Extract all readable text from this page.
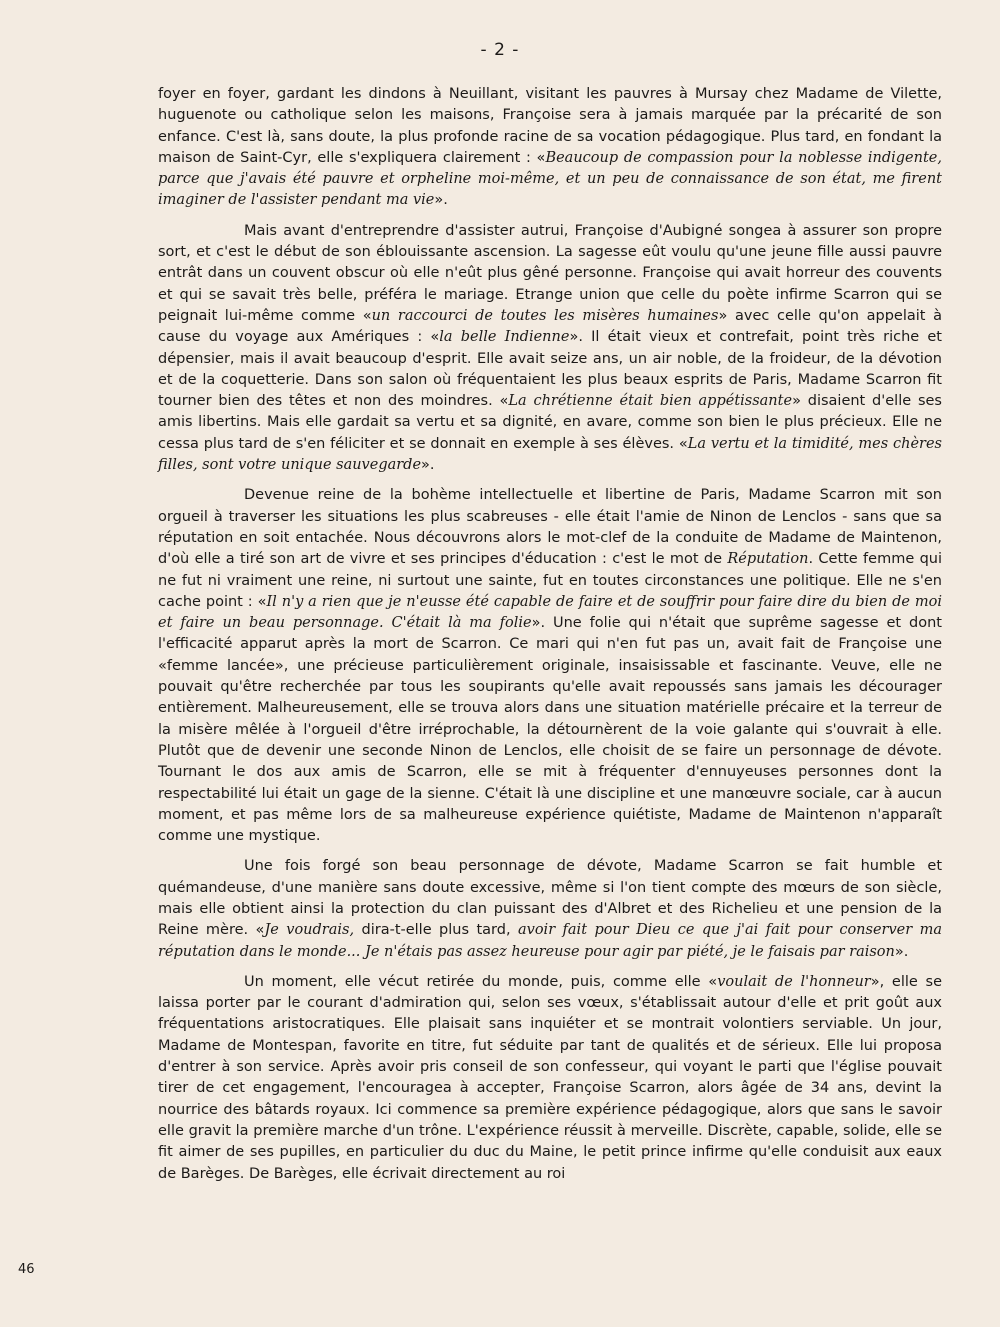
- 2 -

foyer en foyer, gardant les dindons à Neuillant, visitant les pauvres à Mursay chez Madame de Vilette, huguenote ou catholique selon les maisons, Françoise sera à jamais marquée par la précarité de son enfance. C'est là, sans doute, la plus profonde racine de sa vocation pédagogique. Plus tard, en fondant la maison de Saint-Cyr, elle s'expliquera clairement : «Beaucoup de compassion pour la noblesse indigente, parce que j'avais été pauvre et orpheline moi-même, et un peu de connaissance de son état, me firent imaginer de l'assister pendant ma vie».

Mais avant d'entreprendre d'assister autrui, Françoise d'Aubigné songea à assurer son propre sort, et c'est le début de son éblouissante ascension. La sagesse eût voulu qu'une jeune fille aussi pauvre entrât dans un couvent obscur où elle n'eût plus gêné personne. Françoise qui avait horreur des couvents et qui se savait très belle, préféra le mariage. Etrange union que celle du poète infirme Scarron qui se peignait lui-même comme «un raccourci de toutes les misères humaines» avec celle qu'on appelait à cause du voyage aux Amériques : «la belle Indienne». Il était vieux et contrefait, point très riche et dépensier, mais il avait beaucoup d'esprit. Elle avait seize ans, un air noble, de la froideur, de la dévotion et de la coquetterie. Dans son salon où fréquentaient les plus beaux esprits de Paris, Madame Scarron fit tourner bien des têtes et non des moindres. «La chrétienne était bien appétissante» disaient d'elle ses amis libertins. Mais elle gardait sa vertu et sa dignité, en avare, comme son bien le plus précieux. Elle ne cessa plus tard de s'en féliciter et se donnait en exemple à ses élèves. «La vertu et la timidité, mes chères filles, sont votre unique sauvegarde».

Devenue reine de la bohème intellectuelle et libertine de Paris, Madame Scarron mit son orgueil à traverser les situations les plus scabreuses - elle était l'amie de Ninon de Lenclos - sans que sa réputation en soit entachée. Nous découvrons alors le mot-clef de la conduite de Madame de Maintenon, d'où elle a tiré son art de vivre et ses principes d'éducation : c'est le mot de Réputation. Cette femme qui ne fut ni vraiment une reine, ni surtout une sainte, fut en toutes circonstances une politique. Elle ne s'en cache point : «Il n'y a rien que je n'eusse été capable de faire et de souffrir pour faire dire du bien de moi et faire un beau personnage. C'était là ma folie». Une folie qui n'était que suprême sagesse et dont l'efficacité apparut après la mort de Scarron. Ce mari qui n'en fut pas un, avait fait de Françoise une «femme lancée», une précieuse particulièrement originale, insaisissable et fascinante. Veuve, elle ne pouvait qu'être recherchée par tous les soupirants qu'elle avait repoussés sans jamais les décourager entièrement. Malheureusement, elle se trouva alors dans une situation matérielle précaire et la terreur de la misère mêlée à l'orgueil d'être irréprochable, la détournèrent de la voie galante qui s'ouvrait à elle. Plutôt que de devenir une seconde Ninon de Lenclos, elle choisit de se faire un personnage de dévote. Tournant le dos aux amis de Scarron, elle se mit à fréquenter d'ennuyeuses personnes dont la respectabilité lui était un gage de la sienne. C'était là une discipline et une manœuvre sociale, car à aucun moment, et pas même lors de sa malheureuse expérience quiétiste, Madame de Maintenon n'apparaît comme une mystique.

Une fois forgé son beau personnage de dévote, Madame Scarron se fait humble et quémandeuse, d'une manière sans doute excessive, même si l'on tient compte des mœurs de son siècle, mais elle obtient ainsi la protection du clan puissant des d'Albret et des Richelieu et une pension de la Reine mère. «Je voudrais, dira-t-elle plus tard, avoir fait pour Dieu ce que j'ai fait pour conserver ma réputation dans le monde... Je n'étais pas assez heureuse pour agir par piété, je le faisais par raison».

Un moment, elle vécut retirée du monde, puis, comme elle «voulait de l'honneur», elle se laissa porter par le courant d'admiration qui, selon ses vœux, s'établissait autour d'elle et prit goût aux fréquentations aristocratiques. Elle plaisait sans inquiéter et se montrait volontiers serviable. Un jour, Madame de Montespan, favorite en titre, fut séduite par tant de qualités et de sérieux. Elle lui proposa d'entrer à son service. Après avoir pris conseil de son confesseur, qui voyant le parti que l'église pouvait tirer de cet engagement, l'encouragea à accepter, Françoise Scarron, alors âgée de 34 ans, devint la nourrice des bâtards royaux. Ici commence sa première expérience pédagogique, alors que sans le savoir elle gravit la première marche d'un trône. L'expérience réussit à merveille. Discrète, capable, solide, elle se fit aimer de ses pupilles, en particulier du duc du Maine, le petit prince infirme qu'elle conduisit aux eaux de Barèges. De Barèges, elle écrivait directement au roi

46
